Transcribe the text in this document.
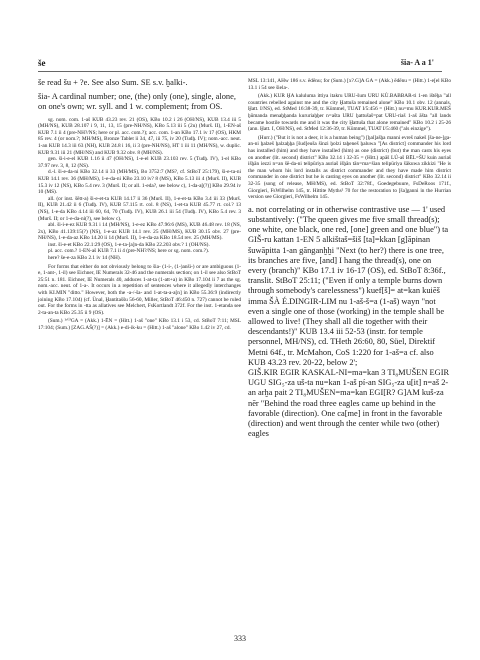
še	šia- A a 1'

še read šu + ?e. See also Sum. SE s.v. ḫalki-.

šia- A cardinal number; one, (the) only (one), single, alone, on one's own; wr. syll. and 1 w. complement; from OS.

sg. nom. com. 1-aš KUB 43.23 rev. 21 (OS), KBo 10.2 i 26 (OH/NS), KUB 13.4 iii 5 (MH/NS), KUB 28.107 i 9, 11, 13, 15 (pre-NH/NS), KBo 5.13 iii 5 (2u) (Murš. II), 1-EN-aš KUB 7.1 ii 4 (pre-NH?/NS; here or pl. acc. com.?); acc. com. 1-an KBo 17.1 iv 17 (OS), HKM 85 rev. 4 (or nom.?; MH/MS), Bronze Tablet ii 34, 47, iii 75, iv 20 (Tudḫ. IV); nom.-acc. neut. 1-an KUB 14.3 iii 63 (NH), KUB 24.8 i 16, ii 3 (pre-NH/NS), HT 1 iii 11 (MH/NS), w. duplic. KUB 9.31 iii 21 (MH/NS) and KUB 9.32 obv. 8 (MH/NS).

gen. ši-i-e-el KUB 1.16 ii 47 (OH/NS), 1-e-el KUB 23.103 rev. 5 (Tudḫ. IV), 1-el KBo 37.97 rev. 3, 8, 12 (NS).

d.-l. ši-e-da-ni KBo 32.14 ii 33 (MH/MS), Bo 3752:7 (MS?, cf. StBoT 25:179), ši-e-ta-ni KUB 14.1 rev. 36 (MH/MS), 1-e-da-ni KBo 23.10 iv? 8 (MS), KBo 5.13 iii 4 (Murš. II), KUB 15.3 iv 12 (NS), KBo 5.4 rev. 3 (Murš. II; or all. 1-eda?, see below c), 1-da-a[(?)] KBo 29.94 iv 10 (MS).

all. (or inst. šētt-a) ši-e-et-ta KUB 14.17 ii 36 (Murš. II), 1-e-et-ta KBo 3.4 iii 33 (Murš. II), KUB 21.42 ii 6 (Tudḫ. IV), KUB 57.115 rt. col. 8 (NS), 1-et-ta KUB 45.77 rt. col.? 13 (NS), 1-e-da KBo 4.14 iii 60, 64, 70 (Tudḫ. IV), KUB 26.1 iii 54 (Tudḫ. IV), KBo 5.4 rev. 3 (Murš. II; or 1-e-da-ni(?), see below c).

abl. ši-i-e-ez KUB 9.31 i 14 (MH/NS), 1-e-ez KBo 47.96:6 (MS), KUB 46.48 rev. 18 (NS, 2x), KBo 41.139:15(?) (NS), 1-e-az KUB 14.1 rev. 25 (MH/MS), KUB 30.15 obv. 27 (pre-NH/NS), 1-e-da-az KBo 14.20 ii 14 (Murš. II), 1-e-da-za KBo 18.54 rev. 25 (MH/MS).

inst. ši-e-et KBo 22.1:29 (OS), 1-e-ta-[a]n-da KBo 22.203 obv.? 1 (OH/NS).

pl. acc. com.? 1-EN-aš KUB 7.1 ii 4 (pre-NH?/NS; here or sg. nom. com.?).

here? še-e-za KBo 2.1 iv 14 (NH).

For forms that either do not obviously belong to šia- (1-i-, (1-)anši-) or are ambiguous (1-e, 1-ant-, 1-il) see Eichner, IE Numerals 32-46 and the numerals section; on 1-il see also StBoT 25:51 n. 181. Eichner, IE Numerals 40, adduces 1-at-ta (1-att+a) in KBo 17.104 ii 7 as the sg. nom.-acc. neut. of 1-a-. It occurs in a repetition of sentences where it allegedly interchanges with KI.MIN "ditto." However, both the -a-/-ša- and 1-at-ta-a-a[n] in KBo 55.36:9 (indirectly joining KBo 17.104) (cf. Ünal, Ḫantitaššu 56-60, Miller, StBoT 46:450 n. 727) cannot be ruled out. For the forms in -tta as allatives see Melchert, FsKortlandt 372f. For the inst. 1-etanda see 2-ta-an-ta KBo 25.35 ii 9 (OS).

(Sum.) ¹ʳ⁽ᴵ⁾GA = (Akk.) 1-ĒN = (Hitt.) 1-aš "one" KBo 13.1 i 53, cd. StBoT 7:11; MSL 17:104; (Sum.) [ZAG.AŠ(?)] = (Akk.) e-di-ik-ku = (Hitt.) 1-aš "alone" KBo 1.42 iv 27, cd.

MSL 13:141, AHw 186 s.v. ēdēnu; for (Sum.) [x?.G]A GA = (Akk.) ēdēnu = (Hitt.) 1-e[el KBo 13.1 i 54 see šiela-.

(Akk.) KUR ḪA kaluluma ittiya itakru URU-šum URU KÙ.BABBAR-ti 1-en ištēḫa "all countries rebelled against me and the city Ḫattuša remained alone" KBo 10.1 obv. 12 (annals, Ḫatt. I/NS), ed. StMed 16:38-39, tr. Kümmel, TUAT I/5:456 = (Hitt.) nu=mu KUR.KUR.MEŠ ḫūmanda menaḫḫanda kururiaḫḫer n=ašta URU ḫattušaš=pat URU-riaš 1-aš āšta "all lands became hostile towards me and it was the city Ḫattuša that alone remained" KBo 10.2 i 25-26 (ann. Ḫatt. I, OH/NS), ed. StMed 12:36-39, tr. Kümmel, TUAT I/5:460 ("als einzige").

(Hurr.) ("But it is not a deer, it is a human being") [ḫal]ašḫa manni evreš nakeš [ša-ne-]ga-an-ni ḫalzeš ḫalzaḫḫa [šud]euša šinzi ḫolzi taḫeneš ḫaluwa "[As district] commander his lord has installed (him) and they have installed (him) as one (district) (but) the man casts his eyes on another (lit. second) district" KBo 32.14 i 32-35 = (Hitt.) apāš LÚ-aš BĒL=ŠU kuin auriaš išḫān iezzi n=an šē-da-ni telipūriya auriaš išḫān tān=ma=šian telipūriya šākuwa zikkizi "He is the man whom his lord installs as district commander and they have made him district commander in one district but he is casting eyes on another (lit. second) district" KBo 32.14 ii 32-35 (song of release, MH/MS), ed. StBoT 32:78f., Goedegebuure, FsDeRoos 171f., Giorgieri, FsWilhelm 145, tr. Hittite Myths² 70 for the restoration to [ša]ganni in the Hurrian version see Giorgieri, FsWilhelm 145.

a. not correlating or in otherwise contrastive use — 1' used substantively: ("The queen gives me five small thread(s); one white, one black, one red, [one] green and one blue") ta GIŠ-ru kattan 1-EN 5 alkištaš=šiš [ta]=kkan [g]āpinan šuwāpitta 1-an gānganḫḫi "Next (to her?) there is one tree, its branches are five, [and] I hang the thread(s), one on every (branch)" KBo 17.1 iv 16-17 (OS), ed. StBoT 8:36f., translit. StBoT 25:11; ("Even if only a temple burns down through somebody's carelessness") kuef[š]= at=kan kuiēš imma ŠÀ É.DINGIR-LIM nu 1-aš-š=a (1-aš) wayn "not even a single one of those (working) in the temple shall be allowed to live! (They shall all die together with their descendants!)" KUB 13.4 iii 52-53 (instr. for temple personnel, MH/NS), cd. THeth 26:60, 80, Süel, Direktif Metni 64f., tr. McMahon, CoS 1:220 for 1-aš=a cf. also KUB 43.23 rev. 20-22, below 2';

GIŠ.KIR EGIR KASKAL-NI=ma=kan 3 TI₈MUŠEN EGIR UGU SIG₅-za uš-ta nu=kan 1-aš pí-an SIG₅-za u[it] n=aš 2-an arḫa pait 2 TI₈MUŠEN=ma=kan EGI[R? G]AM kuš-za nēr "Behind the road three eagles came up behind in the favorable (direction). One ca[me] in front in the favorable (direction) and went through the center while two (other) eagles

333
